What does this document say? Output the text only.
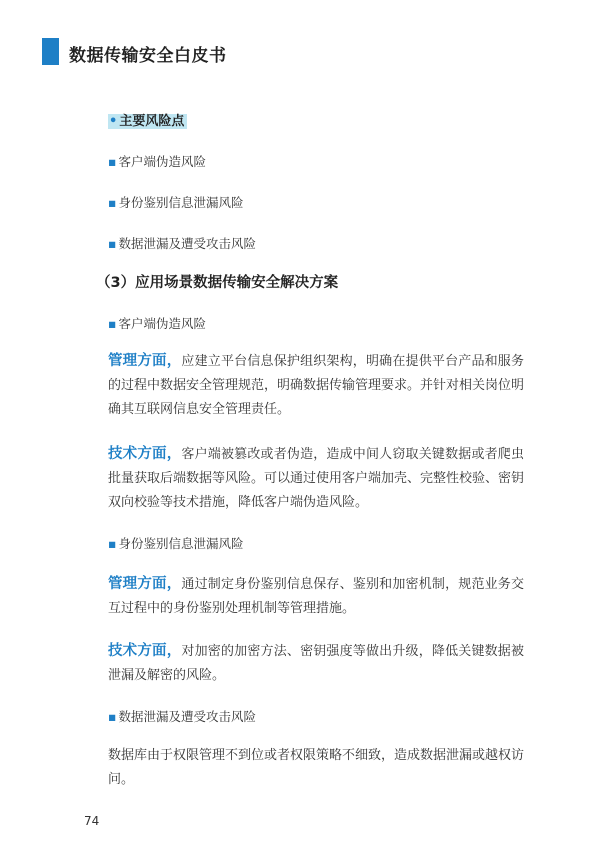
数据传输安全白皮书
• 主要风险点
▪ 客户端伪造风险
▪ 身份鉴别信息泄漏风险
▪ 数据泄漏及遭受攻击风险
（3）应用场景数据传输安全解决方案
▪ 客户端伪造风险
管理方面，应建立平台信息保护组织架构，明确在提供平台产品和服务的过程中数据安全管理规范，明确数据传输管理要求。并针对相关岗位明确其互联网信息安全管理责任。
技术方面，客户端被篡改或者伪造，造成中间人窃取关键数据或者爬虫批量获取后端数据等风险。可以通过使用客户端加壳、完整性校验、密钥双向校验等技术措施，降低客户端伪造风险。
▪ 身份鉴别信息泄漏风险
管理方面，通过制定身份鉴别信息保存、鉴别和加密机制，规范业务交互过程中的身份鉴别处理机制等管理措施。
技术方面，对加密的加密方法、密钥强度等做出升级，降低关键数据被泄漏及解密的风险。
▪ 数据泄漏及遭受攻击风险
数据库由于权限管理不到位或者权限策略不细致，造成数据泄漏或越权访问。
74
